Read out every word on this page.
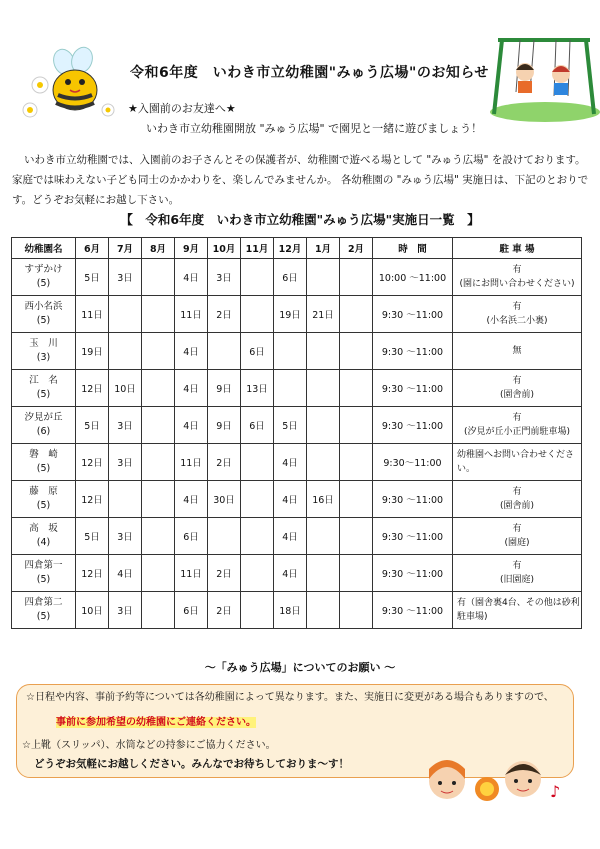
令和6年度　いわき市立幼稚園"みゅう広場"のお知らせ
★入園前のお友達へ★
いわき市立幼稚園開放 "みゅう広場" で園児と一緒に遊びましょう！

いわき市立幼稚園では、入園前のお子さんとその保護者が、幼稚園で遊べる場として "みゅう広場" を設けております。家庭では味わえない子ども同士のかかわりを、楽しんでみませんか。 各幼稚園の "みゅう広場" 実施日は、下記のとおりです。どうぞお気軽にお越し下さい。

【　令和6年度　いわき市立幼稚園"みゅう広場"実施日一覧　】
幼稚園名	6月	7月	8月	9月	10月	11月	12月	1月	2月	時　間	駐 車 場

すずかけ
(5)	5日	3日		4日	3日		6日			10:00 ～11:00	有
(園にお問い合わせください)

西小名浜
(5)	11日			11日	2日		19日	21日		9:30 ～11:00	有
(小名浜二小裏)

玉　川
(3)	19日			4日		6日				9:30 ～11:00	無

江　名
(5)	12日	10日		4日	9日	13日				9:30 ～11:00	有
(園舎前)

汐見が丘
(6)	5日	3日		4日	9日	6日	5日			9:30 ～11:00	有
(汐見が丘小正門前駐車場)

磐　崎
(5)	12日	3日		11日	2日		4日			9:30～11:00	幼稚園へお問い合わせくださ
い。

藤　原
(5)	12日			4日	30日		4日	16日		9:30 ～11:00	有
(園舎前)

高　坂
(4)	5日	3日		6日			4日			9:30 ～11:00	有
(園庭)

四倉第一
(5)	12日	4日		11日	2日		4日			9:30 ～11:00	有
(旧園庭)

四倉第二
(5)	10日	3日		6日	2日		18日			9:30 ～11:00	有（園舎裏4台、その他は砂利
駐車場)
～「みゅう広場」についてのお願い ～
☆日程や内容、事前予約等については各幼稚園によって異なります。また、実施日に変更がある場合もありますので、
事前に参加希望の幼稚園にご連絡ください。
☆上靴（スリッパ）、水筒などの持参にご協力ください。
どうぞお気軽にお越しください。みんなでお待ちしておりま～す！
♪
